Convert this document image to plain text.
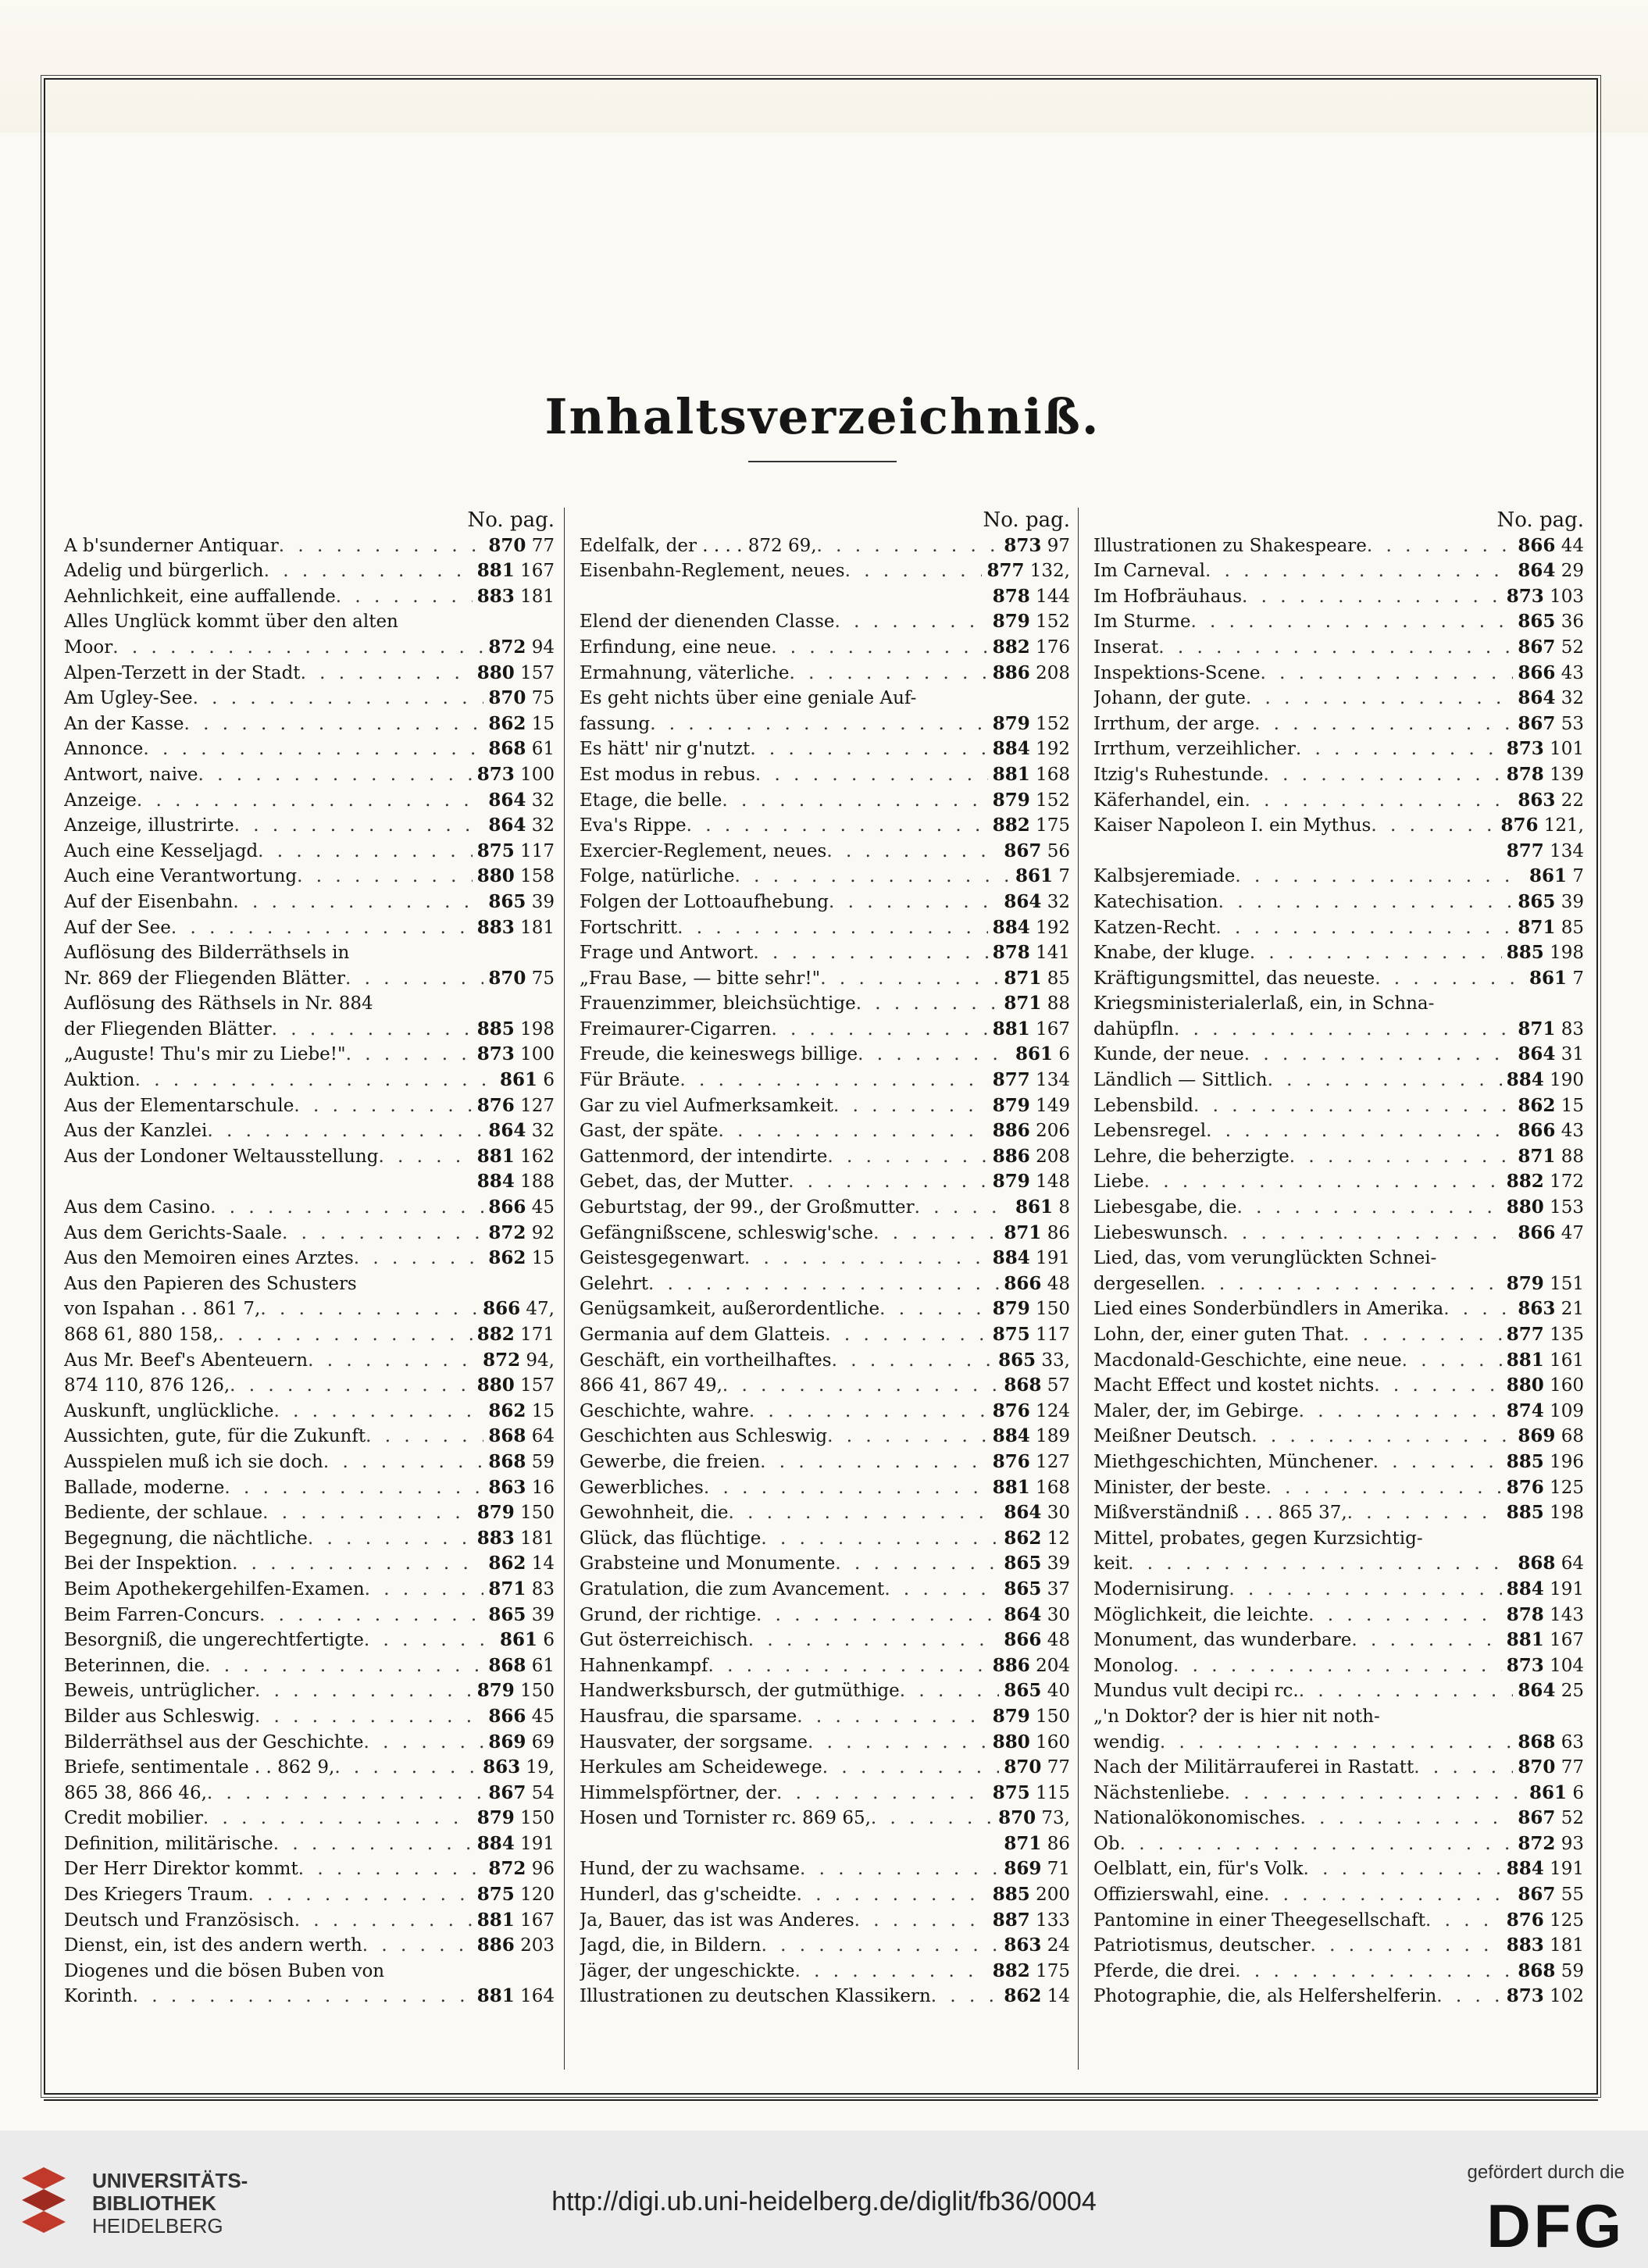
Inhaltsverzeichniß.
No. pag.
A b'sunderner Antiquar . . .	870 77
Adelig und bürgerlich . . .	881 167
Aehnlichkeit, eine auffallende . . .	883 181
Alles Unglück kommt über den alten
Moor . . .	872 94
Alpen-Terzett in der Stadt . . .	880 157
Am Ugley-See . . .	870 75
An der Kasse . . .	862 15
Annonce . . .	868 61
Antwort, naive . . .	873 100
Anzeige . . .	864 32
Anzeige, illustrirte . . .	864 32
Auch eine Kesseljagd . . .	875 117
Auch eine Verantwortung . . .	880 158
Auf der Eisenbahn . . .	865 39
Auf der See . . .	883 181
Auflösung des Bilderräthsels in
Nr. 869 der Fliegenden Blätter . . .	870 75
Auflösung des Räthsels in Nr. 884
der Fliegenden Blätter . . .	885 198
„Auguste! Thu's mir zu Liebe!" . . .	873 100
Auktion . . .	861 6
Aus der Elementarschule . . .	876 127
Aus der Kanzlei . . .	864 32
Aus der Londoner Weltausstellung . . .	881 162
884 188
Aus dem Casino . . .	866 45
Aus dem Gerichts-Saale . . .	872 92
Aus den Memoiren eines Arztes . . .	862 15
Aus den Papieren des Schusters
von Ispahan . . 861 7, . . .	866 47,
868 61, 880 158, . . .	882 171
Aus Mr. Beef's Abenteuern . . .	872 94,
874 110, 876 126, . . .	880 157
Auskunft, unglückliche . . .	862 15
Aussichten, gute, für die Zukunft . . .	868 64
Ausspielen muß ich sie doch . . .	868 59
Ballade, moderne . . .	863 16
Bediente, der schlaue . . .	879 150
Begegnung, die nächtliche . . .	883 181
Bei der Inspektion . . .	862 14
Beim Apothekergehilfen-Examen . . .	871 83
Beim Farren-Concurs . . .	865 39
Besorgniß, die ungerechtfertigte . . .	861 6
Beterinnen, die . . .	868 61
Beweis, untrüglicher . . .	879 150
Bilder aus Schleswig . . .	866 45
Bilderräthsel aus der Geschichte . . .	869 69
Briefe, sentimentale . . 862 9, . . .	863 19,
865 38, 866 46, . . .	867 54
Credit mobilier . . .	879 150
Definition, militärische . . .	884 191
Der Herr Direktor kommt . . .	872 96
Des Kriegers Traum . . .	875 120
Deutsch und Französisch . . .	881 167
Dienst, ein, ist des andern werth . . .	886 203
Diogenes und die bösen Buben von
Korinth . . .	881 164
No. pag.
Edelfalk, der . . . . 872 69, . . .	873 97
Eisenbahn-Reglement, neues . . .	877 132,
878 144
Elend der dienenden Classe . . .	879 152
Erfindung, eine neue . . .	882 176
Ermahnung, väterliche . . .	886 208
Es geht nichts über eine geniale Auf-
fassung . . .	879 152
Es hätt' nir g'nutzt . . .	884 192
Est modus in rebus . . .	881 168
Etage, die belle . . .	879 152
Eva's Rippe . . .	882 175
Exercier-Reglement, neues . . .	867 56
Folge, natürliche . . .	861 7
Folgen der Lottoaufhebung . . .	864 32
Fortschritt . . .	884 192
Frage und Antwort . . .	878 141
„Frau Base, — bitte sehr!" . . .	871 85
Frauenzimmer, bleichsüchtige . . .	871 88
Freimaurer-Cigarren . . .	881 167
Freude, die keineswegs billige . . .	861 6
Für Bräute . . .	877 134
Gar zu viel Aufmerksamkeit . . .	879 149
Gast, der späte . . .	886 206
Gattenmord, der intendirte . . .	886 208
Gebet, das, der Mutter . . .	879 148
Geburtstag, der 99., der Großmutter . . .	861 8
Gefängnißscene, schleswig'sche . . .	871 86
Geistesgegenwart . . .	884 191
Gelehrt . . .	866 48
Genügsamkeit, außerordentliche . . .	879 150
Germania auf dem Glatteis . . .	875 117
Geschäft, ein vortheilhaftes . . .	865 33,
866 41, 867 49, . . .	868 57
Geschichte, wahre . . .	876 124
Geschichten aus Schleswig . . .	884 189
Gewerbe, die freien . . .	876 127
Gewerbliches . . .	881 168
Gewohnheit, die . . .	864 30
Glück, das flüchtige . . .	862 12
Grabsteine und Monumente . . .	865 39
Gratulation, die zum Avancement . . .	865 37
Grund, der richtige . . .	864 30
Gut österreichisch . . .	866 48
Hahnenkampf . . .	886 204
Handwerksbursch, der gutmüthige . . .	865 40
Hausfrau, die sparsame . . .	879 150
Hausvater, der sorgsame . . .	880 160
Herkules am Scheidewege . . .	870 77
Himmelspförtner, der . . .	875 115
Hosen und Tornister rc. 869 65, . . .	870 73,
871 86
Hund, der zu wachsame . . .	869 71
Hunderl, das g'scheidte . . .	885 200
Ja, Bauer, das ist was Anderes . . .	887 133
Jagd, die, in Bildern . . .	863 24
Jäger, der ungeschickte . . .	882 175
Illustrationen zu deutschen Klassikern . . .	862 14
No. pag.
Illustrationen zu Shakespeare . . .	866 44
Im Carneval . . .	864 29
Im Hofbräuhaus . . .	873 103
Im Sturme . . .	865 36
Inserat . . .	867 52
Inspektions-Scene . . .	866 43
Johann, der gute . . .	864 32
Irrthum, der arge . . .	867 53
Irrthum, verzeihlicher . . .	873 101
Itzig's Ruhestunde . . .	878 139
Käferhandel, ein . . .	863 22
Kaiser Napoleon I. ein Mythus . . .	876 121,
877 134
Kalbsjeremiade . . .	861 7
Katechisation . . .	865 39
Katzen-Recht . . .	871 85
Knabe, der kluge . . .	885 198
Kräftigungsmittel, das neueste . . .	861 7
Kriegsministerialerlaß, ein, in Schna-
dahüpfln . . .	871 83
Kunde, der neue . . .	864 31
Ländlich — Sittlich . . .	884 190
Lebensbild . . .	862 15
Lebensregel . . .	866 43
Lehre, die beherzigte . . .	871 88
Liebe . . .	882 172
Liebesgabe, die . . .	880 153
Liebeswunsch . . .	866 47
Lied, das, vom verunglückten Schnei-
dergesellen . . .	879 151
Lied eines Sonderbündlers in Amerika . . .	863 21
Lohn, der, einer guten That . . .	877 135
Macdonald-Geschichte, eine neue . . .	881 161
Macht Effect und kostet nichts . . .	880 160
Maler, der, im Gebirge . . .	874 109
Meißner Deutsch . . .	869 68
Miethgeschichten, Münchener . . .	885 196
Minister, der beste . . .	876 125
Mißverständniß . . . 865 37, . . .	885 198
Mittel, probates, gegen Kurzsichtig-
keit . . .	868 64
Modernisirung . . .	884 191
Möglichkeit, die leichte . . .	878 143
Monument, das wunderbare . . .	881 167
Monolog . . .	873 104
Mundus vult decipi rc. . . .	864 25
„'n Doktor? der is hier nit noth-
wendig . . .	868 63
Nach der Militärrauferei in Rastatt . . .	870 77
Nächstenliebe . . .	861 6
Nationalökonomisches . . .	867 52
Ob . . .	872 93
Oelblatt, ein, für's Volk . . .	884 191
Offizierswahl, eine . . .	867 55
Pantomine in einer Theegesellschaft . . .	876 125
Patriotismus, deutscher . . .	883 181
Pferde, die drei . . .	868 59
Photographie, die, als Helfershelferin . . .	873 102
UNIVERSITÄTS-
BIBLIOTHEK
HEIDELBERG
http://digi.ub.uni-heidelberg.de/diglit/fb36/0004
gefördert durch die
DFG
